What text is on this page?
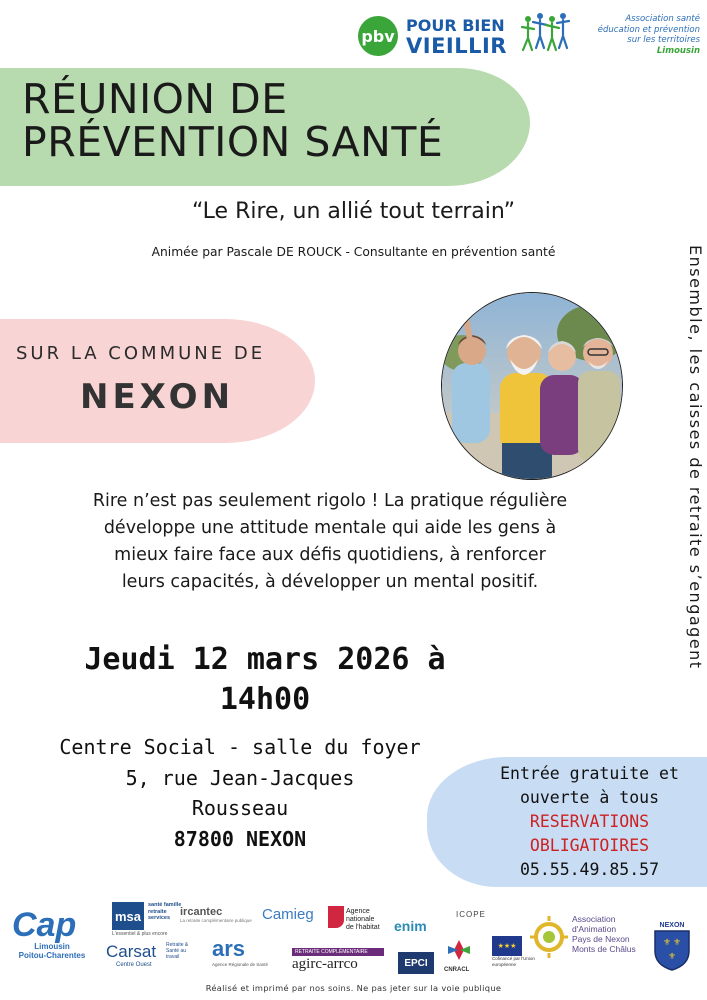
pbv
POUR BIEN
VIEILLIR
Association santé
éducation et prévention
sur les territoires
Limousin
RÉUNION DE
PRÉVENTION SANTÉ
“Le Rire, un allié tout terrain”
Animée par Pascale DE ROUCK - Consultante en prévention santé
SUR LA COMMUNE DE
NEXON	Ensemble, les caisses de retraite s’engagent
Rire n’est pas seulement rigolo ! La pratique régulière
développe une attitude mentale qui aide les gens à
mieux faire face aux défis quotidiens, à renforcer
leurs capacités, à développer un mental positif.
Jeudi 12 mars 2026 à
14h00
Centre Social - salle du foyer
5, rue Jean-Jacques
Rousseau
87800 NEXON
Entrée gratuite et
ouverte à tous
RESERVATIONS
OBLIGATOIRES
05.55.49.85.57
Cap
Limousin
Poitou-Charentes
msa
santé famille retraite services
L'essentiel & plus encore
ircantec
La retraite complémentaire publique Camieg	Agence
nationale
de l'habitat enim
ICOPE
Carsat
Centre Ouest
Retraite & Santé au travail	ars
Agence Régionale de Santé
RETRAITE COMPLÉMENTAIRE
agirc-arrco	EPCI
CNRACL
★★★
Cofinancé par l'Union européenne
Association
d'Animation
Pays de Nexon
Monts de Châlus
NEXON
⚜ ⚜
⚜
Réalisé et imprimé par nos soins. Ne pas jeter sur la voie publique
